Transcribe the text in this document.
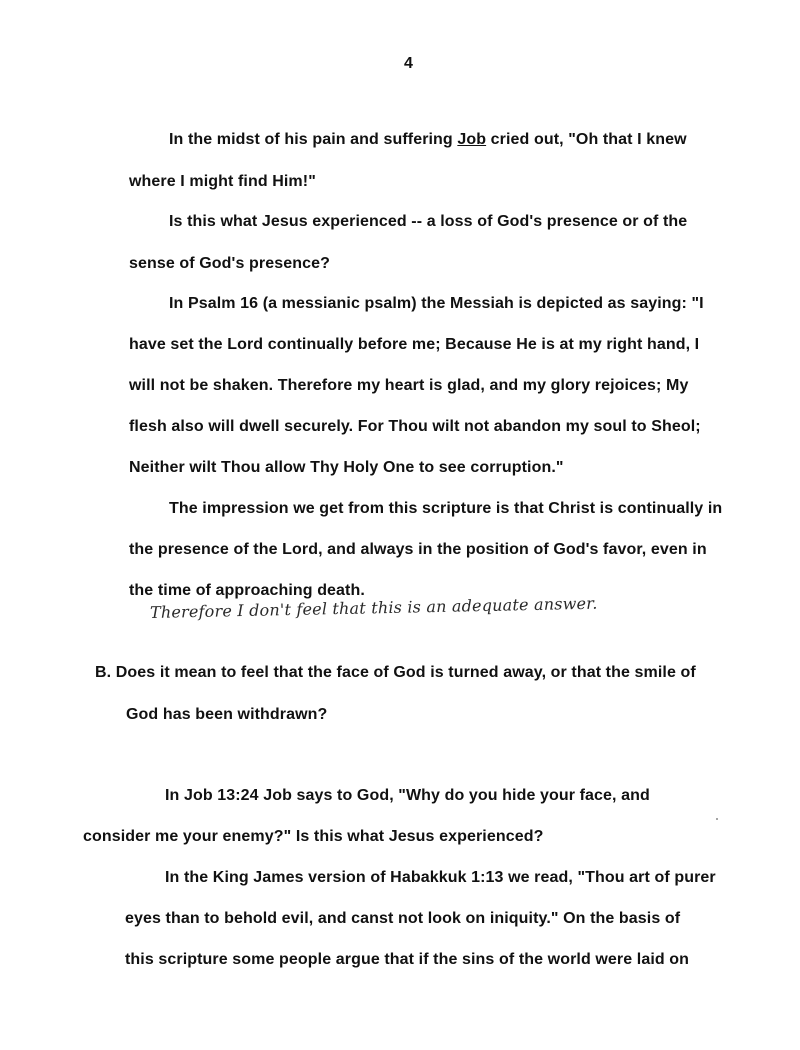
4
In the midst of his pain and suffering Job cried out, "Oh that I knew
where I might find Him!"
Is this what Jesus experienced -- a loss of God's presence or of the
sense of God's presence?
In Psalm 16 (a messianic psalm) the Messiah is depicted as saying: "I
have set the Lord continually before me; Because He is at my right hand, I
will not be shaken. Therefore my heart is glad, and my glory rejoices; My
flesh also will dwell securely. For Thou wilt not abandon my soul to Sheol;
Neither wilt Thou allow Thy Holy One to see corruption."
The impression we get from this scripture is that Christ is continually in
the presence of the Lord, and always in the position of God's favor, even in
the time of approaching death.
Therefore I don't feel that this is an adequate answer.
B. Does it mean to feel that the face of God is turned away, or that the smile of
God has been withdrawn?
In Job 13:24 Job says to God, "Why do you hide your face, and
consider me your enemy?" Is this what Jesus experienced?
In the King James version of Habakkuk 1:13 we read, "Thou art of purer
eyes than to behold evil, and canst not look on iniquity." On the basis of
this scripture some people argue that if the sins of the world were laid on
